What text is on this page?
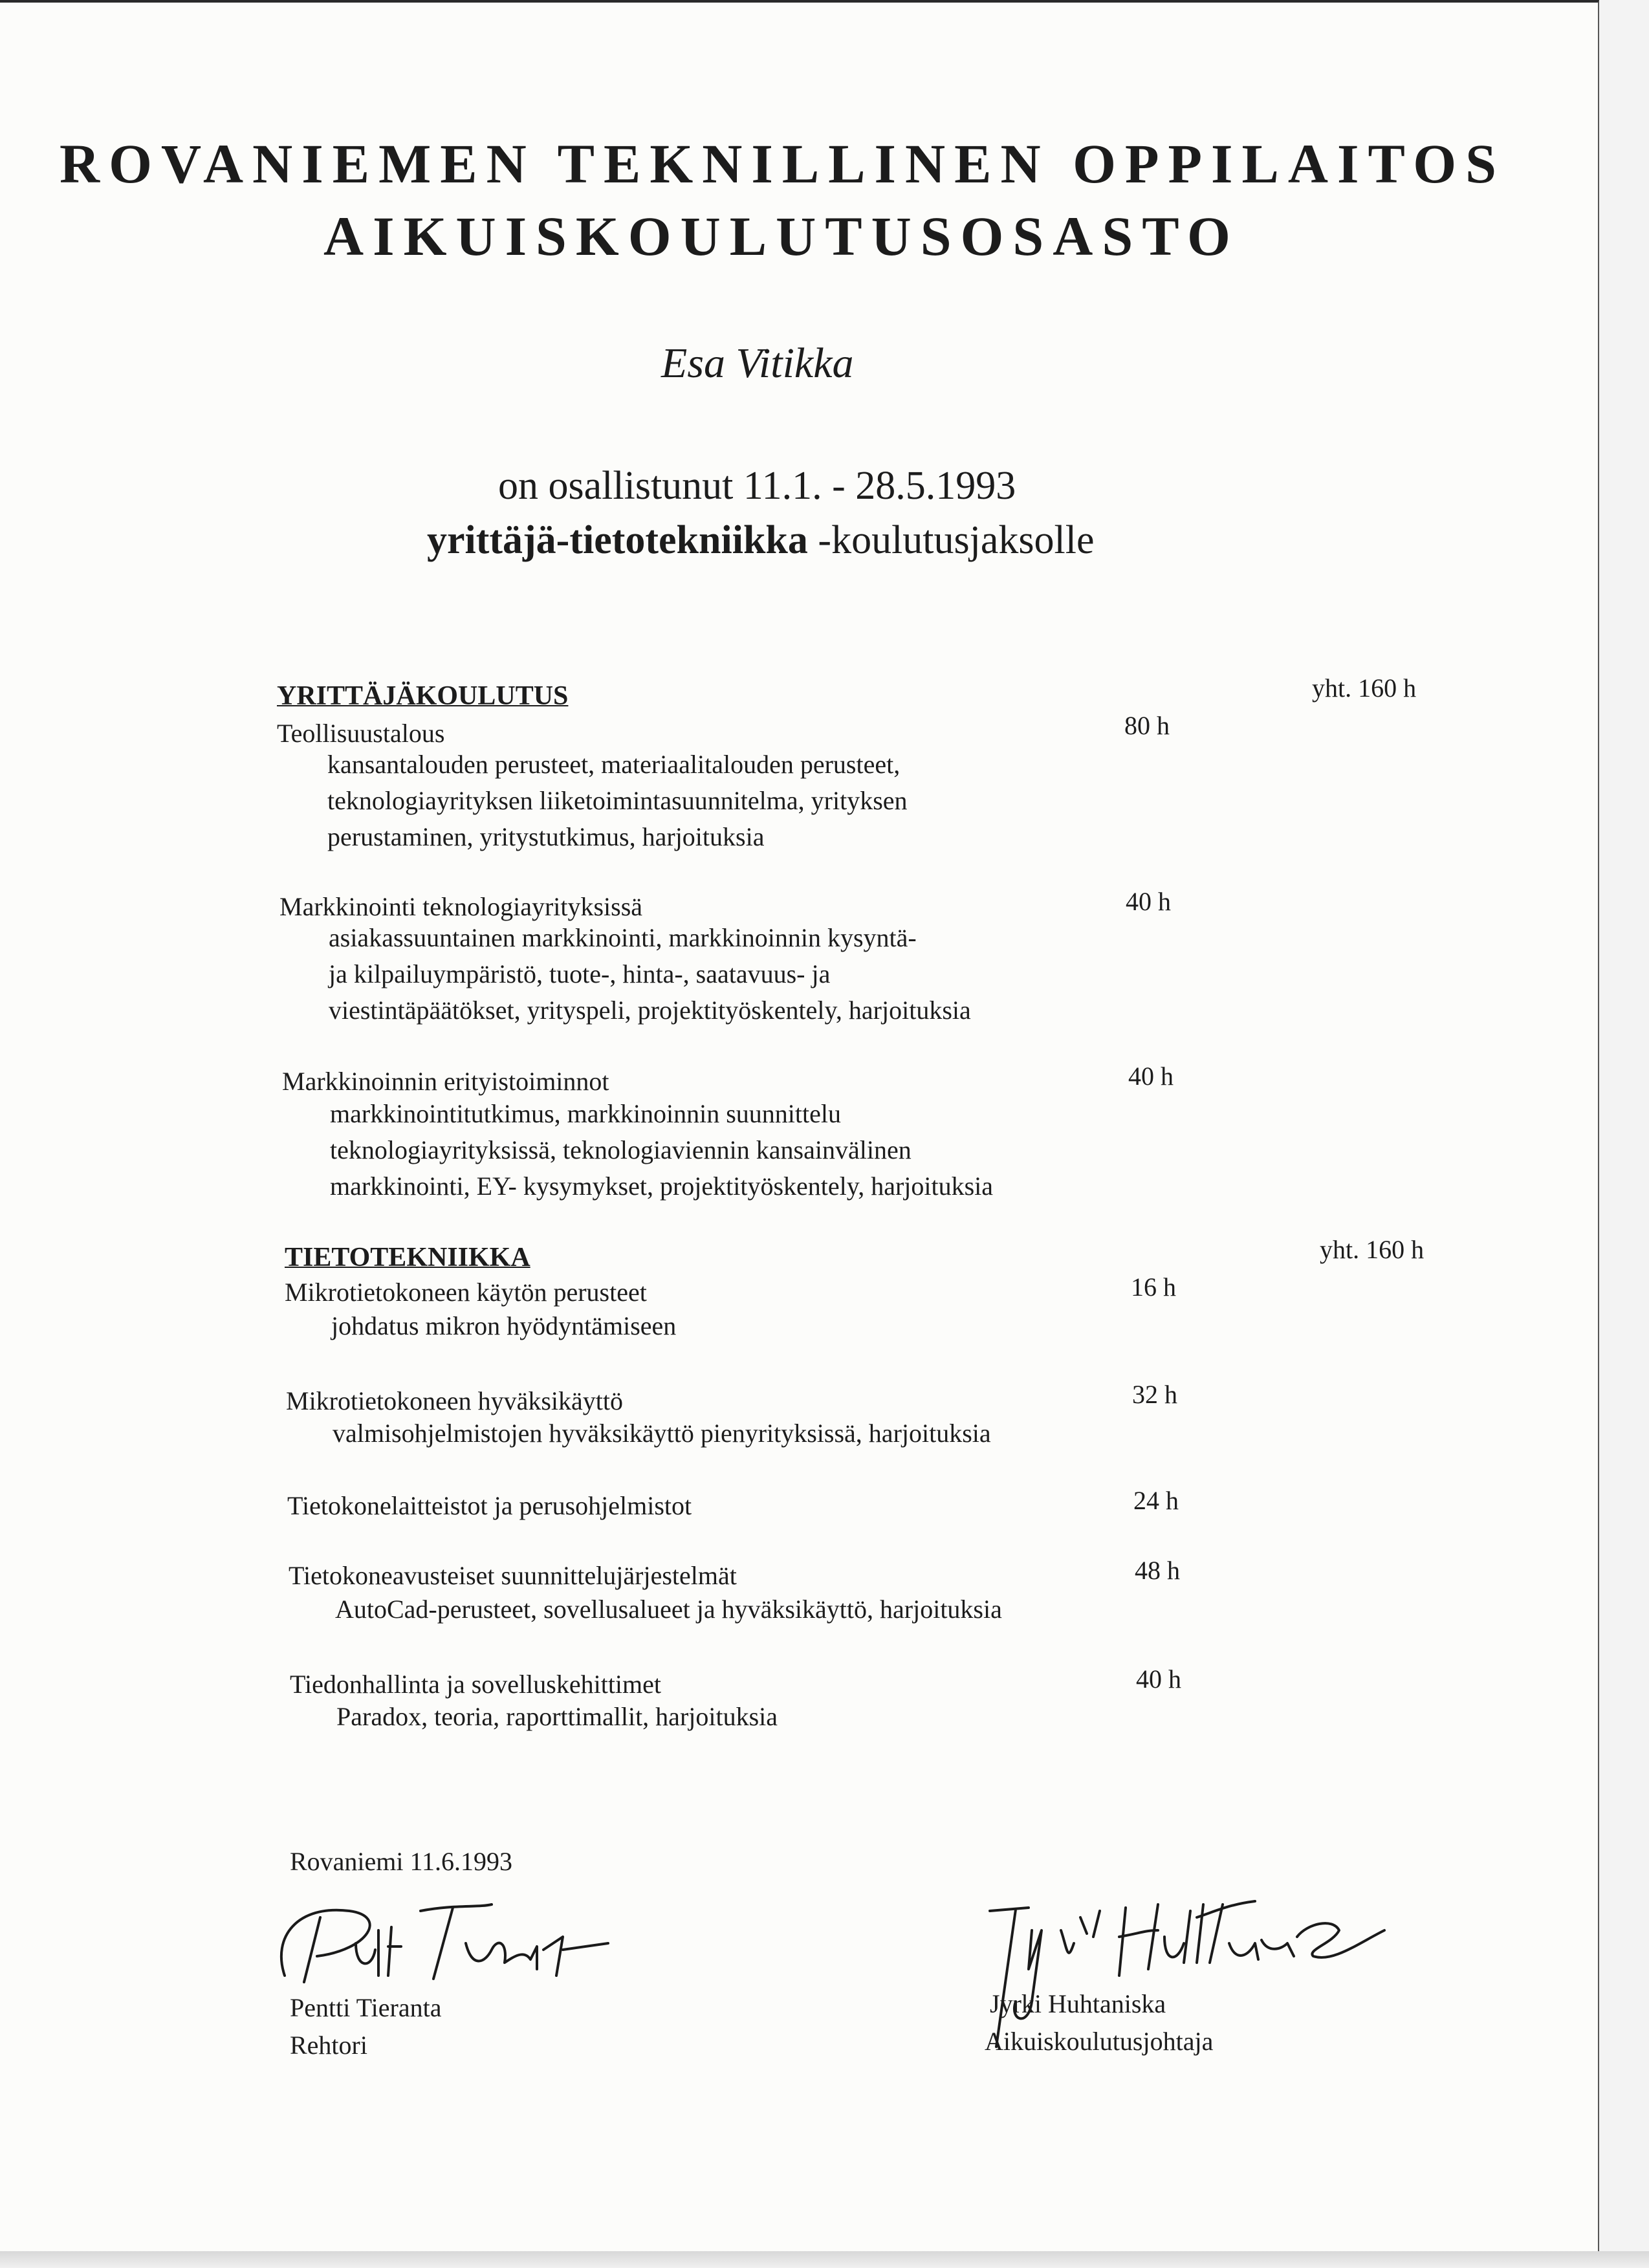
ROVANIEMEN TEKNILLINEN OPPILAITOS
AIKUISKOULUTUSOSASTO
Esa Vitikka
on osallistunut 11.1. - 28.5.1993
yrittäjä-tietotekniikka -koulutusjaksolle
YRITTÄJÄKOULUTUS	yht. 160 h
Teollisuustalous	80 h
kansantalouden perusteet, materiaalitalouden perusteet,
teknologiayrityksen liiketoimintasuunnitelma, yrityksen
perustaminen, yritystutkimus, harjoituksia
Markkinointi teknologiayrityksissä	40 h
asiakassuuntainen markkinointi, markkinoinnin kysyntä-
ja kilpailuympäristö, tuote-, hinta-, saatavuus- ja
viestintäpäätökset, yrityspeli, projektityöskentely, harjoituksia
Markkinoinnin erityistoiminnot	40 h
markkinointitutkimus, markkinoinnin suunnittelu
teknologiayrityksissä, teknologiaviennin kansainvälinen
markkinointi, EY- kysymykset, projektityöskentely, harjoituksia
TIETOTEKNIIKKA	yht. 160 h
Mikrotietokoneen käytön perusteet	16 h
johdatus mikron hyödyntämiseen
Mikrotietokoneen hyväksikäyttö	32 h
valmisohjelmistojen hyväksikäyttö pienyrityksissä, harjoituksia
Tietokonelaitteistot ja perusohjelmistot	24 h
Tietokoneavusteiset suunnittelujärjestelmät	48 h
AutoCad-perusteet, sovellusalueet ja hyväksikäyttö, harjoituksia
Tiedonhallinta ja sovelluskehittimet	40 h
Paradox, teoria, raporttimallit, harjoituksia
Rovaniemi 11.6.1993
Pentti Tieranta
Rehtori
Jyrki Huhtaniska
Aikuiskoulutusjohtaja
